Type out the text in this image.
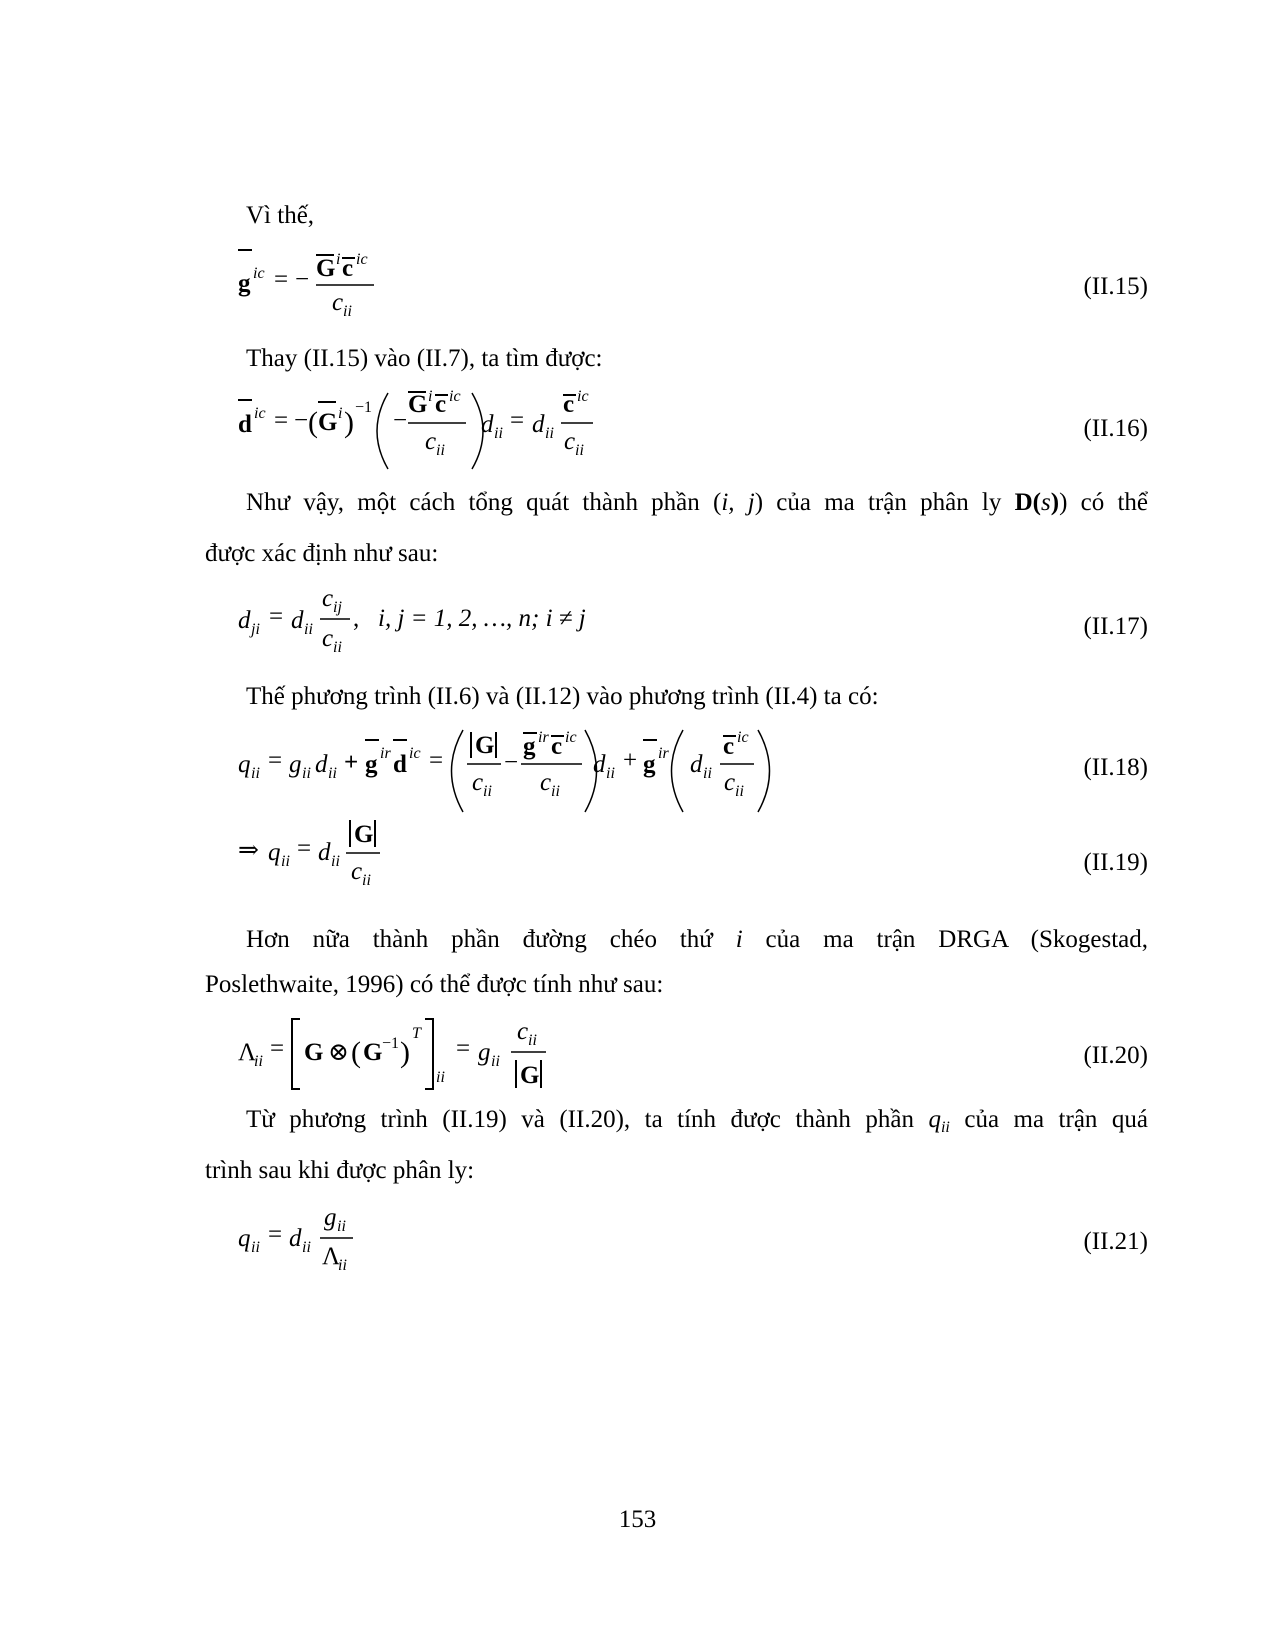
Vì thế,
g ic = − G i c ic
c ii
(II.15)
Thay (II.15) vào (II.7), ta tìm được:
d ic = − ( G i ) −1 −
G i c ic
c ii
d ii = d ii
c ic
c ii
(II.16)
Như vậy, một cách tổng quát thành phần (i, j) của ma trận phân ly D(s)) có thể
được xác định như sau:
d ji = d ii
c ij
c ii
, i, j = 1, 2, …, n; i ≠ j	(II.17)
Thế phương trình (II.6) và (II.12) vào phương trình (II.4) ta có:
q ii = g ii d ii + g ir d ic =
G
c ii
−
g ir c ic
c ii
d ii + g ir d ii
c ic
c ii
(II.18)
⇒ q ii = d ii
G
c ii
(II.19)
Hơn nữa thành phần đường chéo thứ i của ma trận DRGA (Skogestad,
Poslethwaite, 1996) có thể được tính như sau:
Λ
ii = G ⊗ ( G −1 )
T
ii
= g ii
c ii
G
(II.20)
Từ phương trình (II.19) và (II.20), ta tính được thành phần $q_{ii}$ của ma trận quá
trình sau khi được phân ly:
q ii = d ii
g ii
Λ
ii
(II.21)
153
